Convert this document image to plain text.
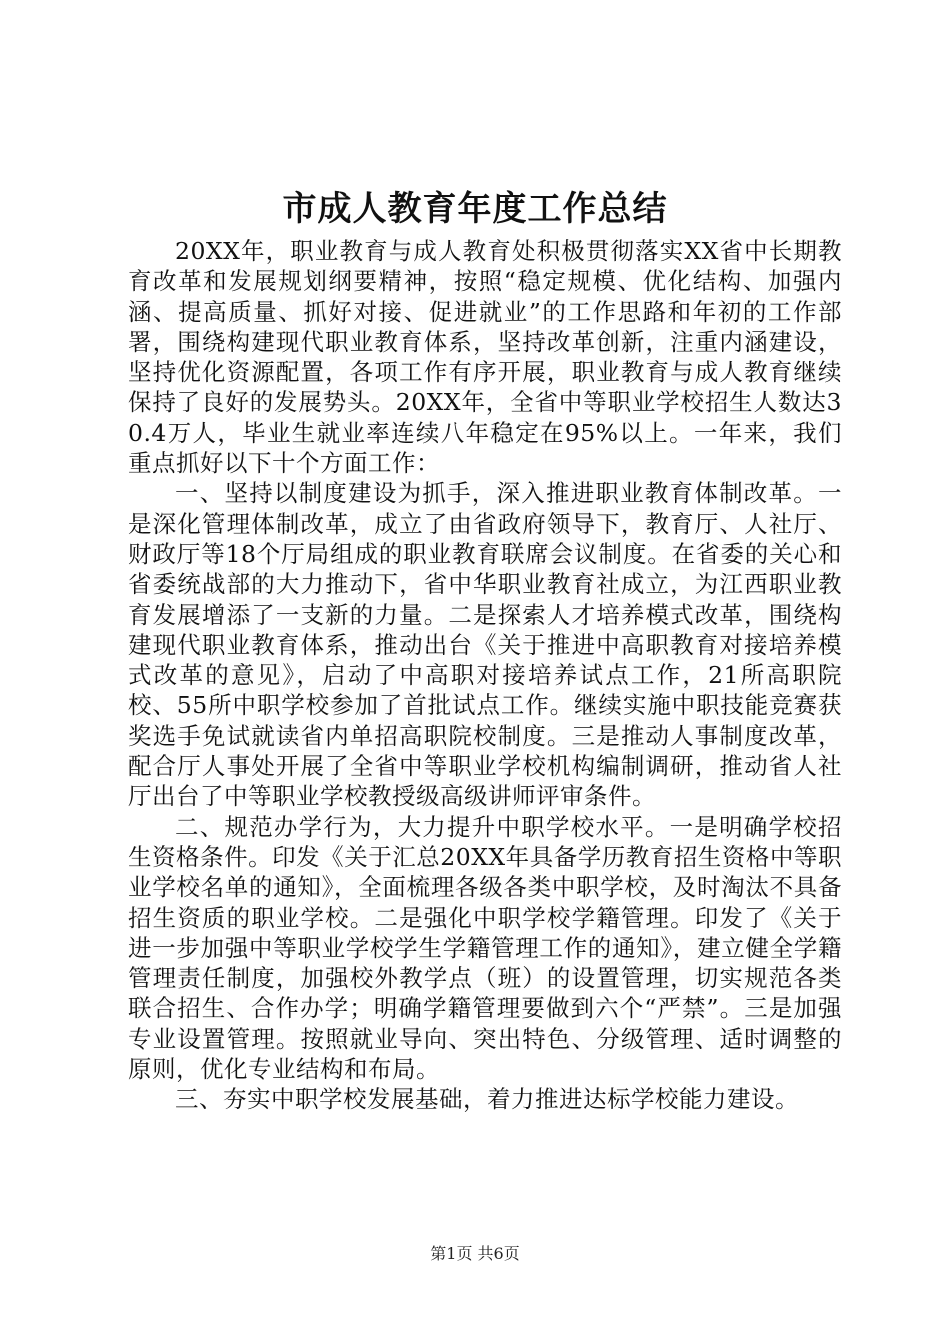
市成人教育年度工作总结

20XX年，职业教育与成人教育处积极贯彻落实XX省中长期教育改革和发展规划纲要精神，按照“稳定规模、优化结构、加强内涵、提高质量、抓好对接、促进就业”的工作思路和年初的工作部署，围绕构建现代职业教育体系，坚持改革创新，注重内涵建设，坚持优化资源配置，各项工作有序开展，职业教育与成人教育继续保持了良好的发展势头。20XX年，全省中等职业学校招生人数达30.4万人，毕业生就业率连续八年稳定在95%以上。一年来，我们重点抓好以下十个方面工作：

一、坚持以制度建设为抓手，深入推进职业教育体制改革。一是深化管理体制改革，成立了由省政府领导下，教育厅、人社厅、财政厅等18个厅局组成的职业教育联席会议制度。在省委的关心和省委统战部的大力推动下，省中华职业教育社成立，为江西职业教育发展增添了一支新的力量。二是探索人才培养模式改革，围绕构建现代职业教育体系，推动出台《关于推进中高职教育对接培养模式改革的意见》，启动了中高职对接培养试点工作，21所高职院校、55所中职学校参加了首批试点工作。继续实施中职技能竞赛获奖选手免试就读省内单招高职院校制度。三是推动人事制度改革，配合厅人事处开展了全省中等职业学校机构编制调研，推动省人社厅出台了中等职业学校教授级高级讲师评审条件。

二、规范办学行为，大力提升中职学校水平。一是明确学校招生资格条件。印发《关于汇总20XX年具备学历教育招生资格中等职业学校名单的通知》，全面梳理各级各类中职学校，及时淘汰不具备招生资质的职业学校。二是强化中职学校学籍管理。印发了《关于进一步加强中等职业学校学生学籍管理工作的通知》，建立健全学籍管理责任制度，加强校外教学点（班）的设置管理，切实规范各类联合招生、合作办学；明确学籍管理要做到六个“严禁”。三是加强专业设置管理。按照就业导向、突出特色、分级管理、适时调整的原则，优化专业结构和布局。

三、夯实中职学校发展基础，着力推进达标学校能力建设。

第1页 共6页
